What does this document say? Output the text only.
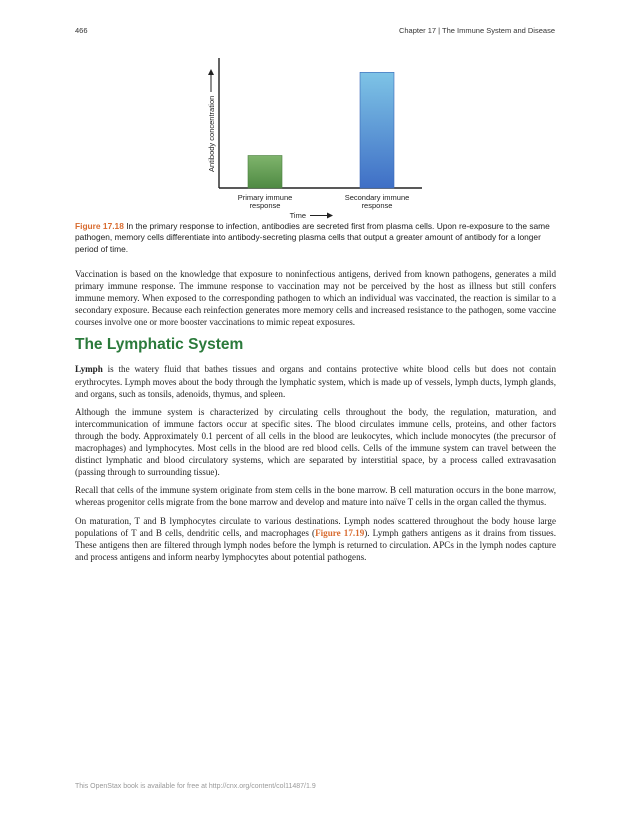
466	Chapter 17 | The Immune System and Disease
Primary immune
response
Secondary immune
response
Time
Antibody concentration

Figure 17.18 In the primary response to infection, antibodies are secreted first from plasma cells. Upon re-exposure to the same pathogen, memory cells differentiate into antibody-secreting plasma cells that output a greater amount of antibody for a longer period of time.

Vaccination is based on the knowledge that exposure to noninfectious antigens, derived from known pathogens, generates a mild primary immune response. The immune response to vaccination may not be perceived by the host as illness but still confers immune memory. When exposed to the corresponding pathogen to which an individual was vaccinated, the reaction is similar to a secondary exposure. Because each reinfection generates more memory cells and increased resistance to the pathogen, some vaccine courses involve one or more booster vaccinations to mimic repeat exposures.

The Lymphatic System

Lymph is the watery fluid that bathes tissues and organs and contains protective white blood cells but does not contain erythrocytes. Lymph moves about the body through the lymphatic system, which is made up of vessels, lymph ducts, lymph glands, and organs, such as tonsils, adenoids, thymus, and spleen.

Although the immune system is characterized by circulating cells throughout the body, the regulation, maturation, and intercommunication of immune factors occur at specific sites. The blood circulates immune cells, proteins, and other factors through the body. Approximately 0.1 percent of all cells in the blood are leukocytes, which include monocytes (the precursor of macrophages) and lymphocytes. Most cells in the blood are red blood cells. Cells of the immune system can travel between the distinct lymphatic and blood circulatory systems, which are separated by interstitial space, by a process called extravasation (passing through to surrounding tissue).

Recall that cells of the immune system originate from stem cells in the bone marrow. B cell maturation occurs in the bone marrow, whereas progenitor cells migrate from the bone marrow and develop and mature into naïve T cells in the organ called the thymus.

On maturation, T and B lymphocytes circulate to various destinations. Lymph nodes scattered throughout the body house large populations of T and B cells, dendritic cells, and macrophages (Figure 17.19). Lymph gathers antigens as it drains from tissues. These antigens then are filtered through lymph nodes before the lymph is returned to circulation. APCs in the lymph nodes capture and process antigens and inform nearby lymphocytes about potential pathogens.

This OpenStax book is available for free at http://cnx.org/content/col11487/1.9
